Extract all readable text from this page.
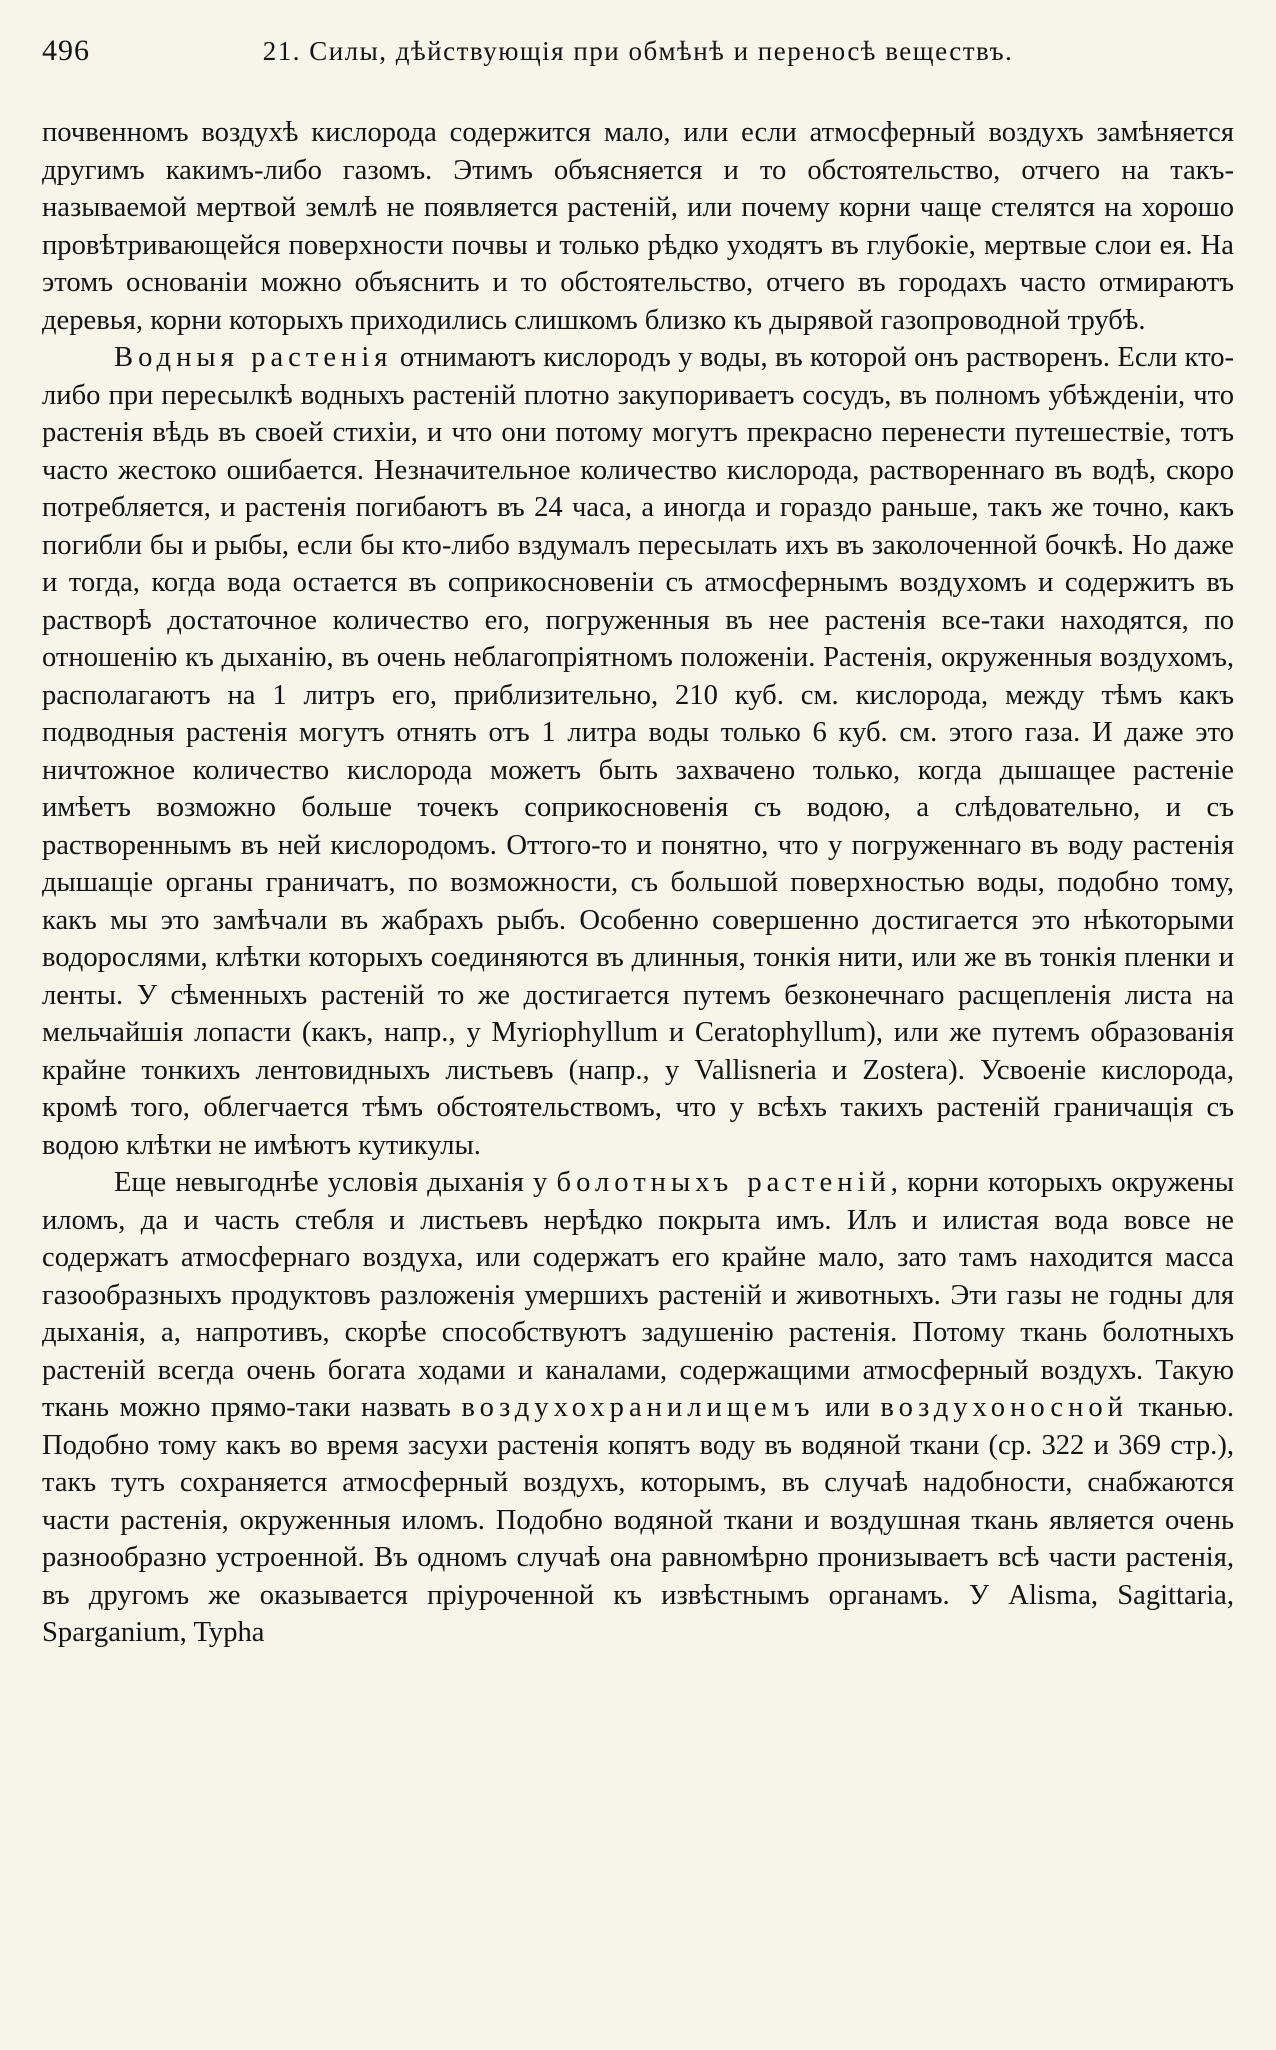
496	21. Силы, дѣйствующія при обмѣнѣ и переносѣ веществъ.

почвенномъ воздухѣ кислорода содержится мало, или если атмосферный воздухъ замѣняется другимъ какимъ-либо газомъ. Этимъ объясняется и то обстоятельство, отчего на такъ-называемой мертвой землѣ не появляется растеній, или почему корни чаще стелятся на хорошо провѣтривающейся поверхности почвы и только рѣдко уходятъ въ глубокіе, мертвые слои ея. На этомъ основаніи можно объяснить и то обстоятельство, отчего въ городахъ часто отмираютъ деревья, корни которыхъ приходились слишкомъ близко къ дырявой газопроводной трубѣ.

Водныя растенія отнимаютъ кислородъ у воды, въ которой онъ растворенъ. Если кто-либо при пересылкѣ водныхъ растеній плотно закупориваетъ сосудъ, въ полномъ убѣжденіи, что растенія вѣдь въ своей стихіи, и что они потому могутъ прекрасно перенести путешествіе, тотъ часто жестоко ошибается. Незначительное количество кислорода, раствореннаго въ водѣ, скоро потребляется, и растенія погибаютъ въ 24 часа, а иногда и гораздо раньше, такъ же точно, какъ погибли бы и рыбы, если бы кто-либо вздумалъ пересылать ихъ въ заколоченной бочкѣ. Но даже и тогда, когда вода остается въ соприкосновеніи съ атмосфернымъ воздухомъ и содержитъ въ растворѣ достаточное количество его, погруженныя въ нее растенія все-таки находятся, по отношенію къ дыханію, въ очень неблагопріятномъ положеніи. Растенія, окруженныя воздухомъ, располагаютъ на 1 литръ его, приблизительно, 210 куб. см. кислорода, между тѣмъ какъ подводныя растенія могутъ отнять отъ 1 литра воды только 6 куб. см. этого газа. И даже это ничтожное количество кислорода можетъ быть захвачено только, когда дышащее растеніе имѣетъ возможно больше точекъ соприкосновенія съ водою, а слѣдовательно, и съ раствореннымъ въ ней кислородомъ. Оттого-то и понятно, что у погруженнаго въ воду растенія дышащіе органы граничатъ, по возможности, съ большой поверхностью воды, подобно тому, какъ мы это замѣчали въ жабрахъ рыбъ. Особенно совершенно достигается это нѣкоторыми водорослями, клѣтки которыхъ соединяются въ длинныя, тонкія нити, или же въ тонкія пленки и ленты. У сѣменныхъ растеній то же достигается путемъ безконечнаго расщепленія листа на мельчайшія лопасти (какъ, напр., у Myriophyllum и Ceratophyllum), или же путемъ образованія крайне тонкихъ лентовидныхъ листьевъ (напр., у Vallisneria и Zostera). Усвоеніе кислорода, кромѣ того, облегчается тѣмъ обстоятельствомъ, что у всѣхъ такихъ растеній граничащія съ водою клѣтки не имѣютъ кутикулы.

Еще невыгоднѣе условія дыханія у болотныхъ растеній, корни которыхъ окружены иломъ, да и часть стебля и листьевъ нерѣдко покрыта имъ. Илъ и илистая вода вовсе не содержатъ атмосфернаго воздуха, или содержатъ его крайне мало, зато тамъ находится масса газообразныхъ продуктовъ разложенія умершихъ растеній и животныхъ. Эти газы не годны для дыханія, а, напротивъ, скорѣе способствуютъ задушенію растенія. Потому ткань болотныхъ растеній всегда очень богата ходами и каналами, содержащими атмосферный воздухъ. Такую ткань можно прямо-таки назвать воздухохранилищемъ или воздухоносной тканью. Подобно тому какъ во время засухи растенія копятъ воду въ водяной ткани (ср. 322 и 369 стр.), такъ тутъ сохраняется атмосферный воздухъ, которымъ, въ случаѣ надобности, снабжаются части растенія, окруженныя иломъ. Подобно водяной ткани и воздушная ткань является очень разнообразно устроенной. Въ одномъ случаѣ она равномѣрно пронизываетъ всѣ части растенія, въ другомъ же оказывается пріуроченной къ извѣстнымъ органамъ. У Alisma, Sagittaria, Sparganium, Typha
